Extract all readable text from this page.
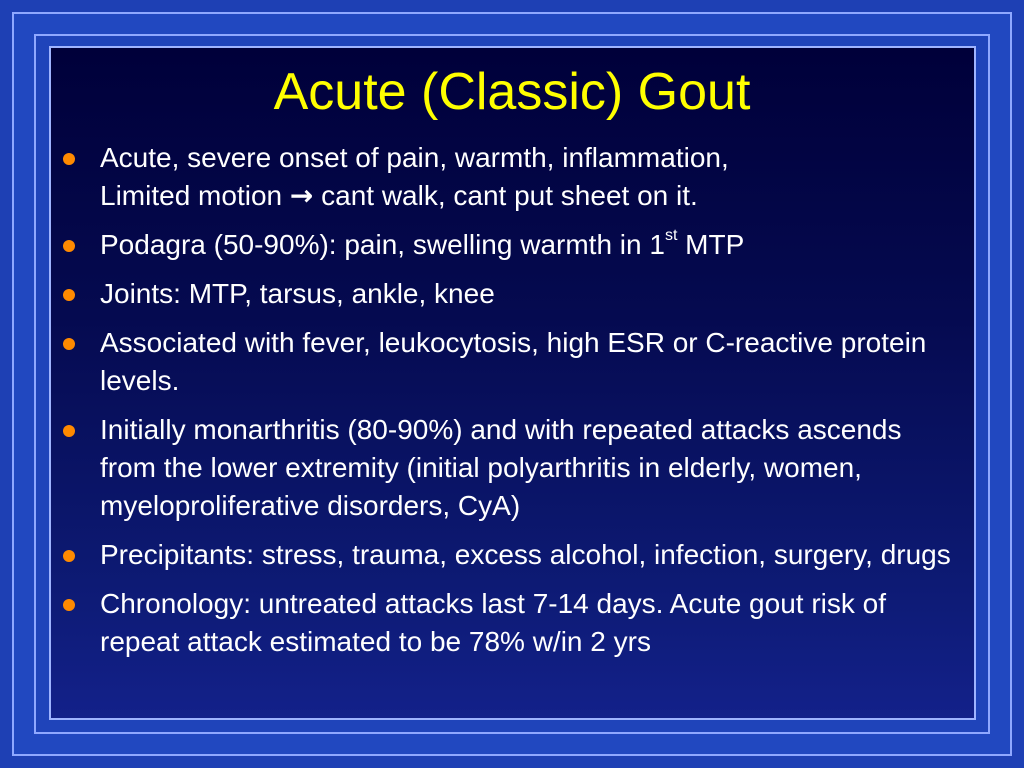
Acute (Classic) Gout
Acute, severe onset of pain, warmth, inflammation,
Limited motion → cant walk, cant put sheet on it.
Podagra (50-90%): pain, swelling warmth in 1st MTP
Joints: MTP, tarsus, ankle, knee
Associated with fever, leukocytosis, high ESR or C-reactive protein levels.
Initially monarthritis (80-90%) and with repeated attacks ascends from the lower extremity (initial polyarthritis in elderly, women, myeloproliferative disorders, CyA)
Precipitants: stress, trauma, excess alcohol, infection, surgery, drugs
Chronology: untreated attacks last 7-14 days. Acute gout risk of repeat attack estimated to be 78% w/in 2 yrs
